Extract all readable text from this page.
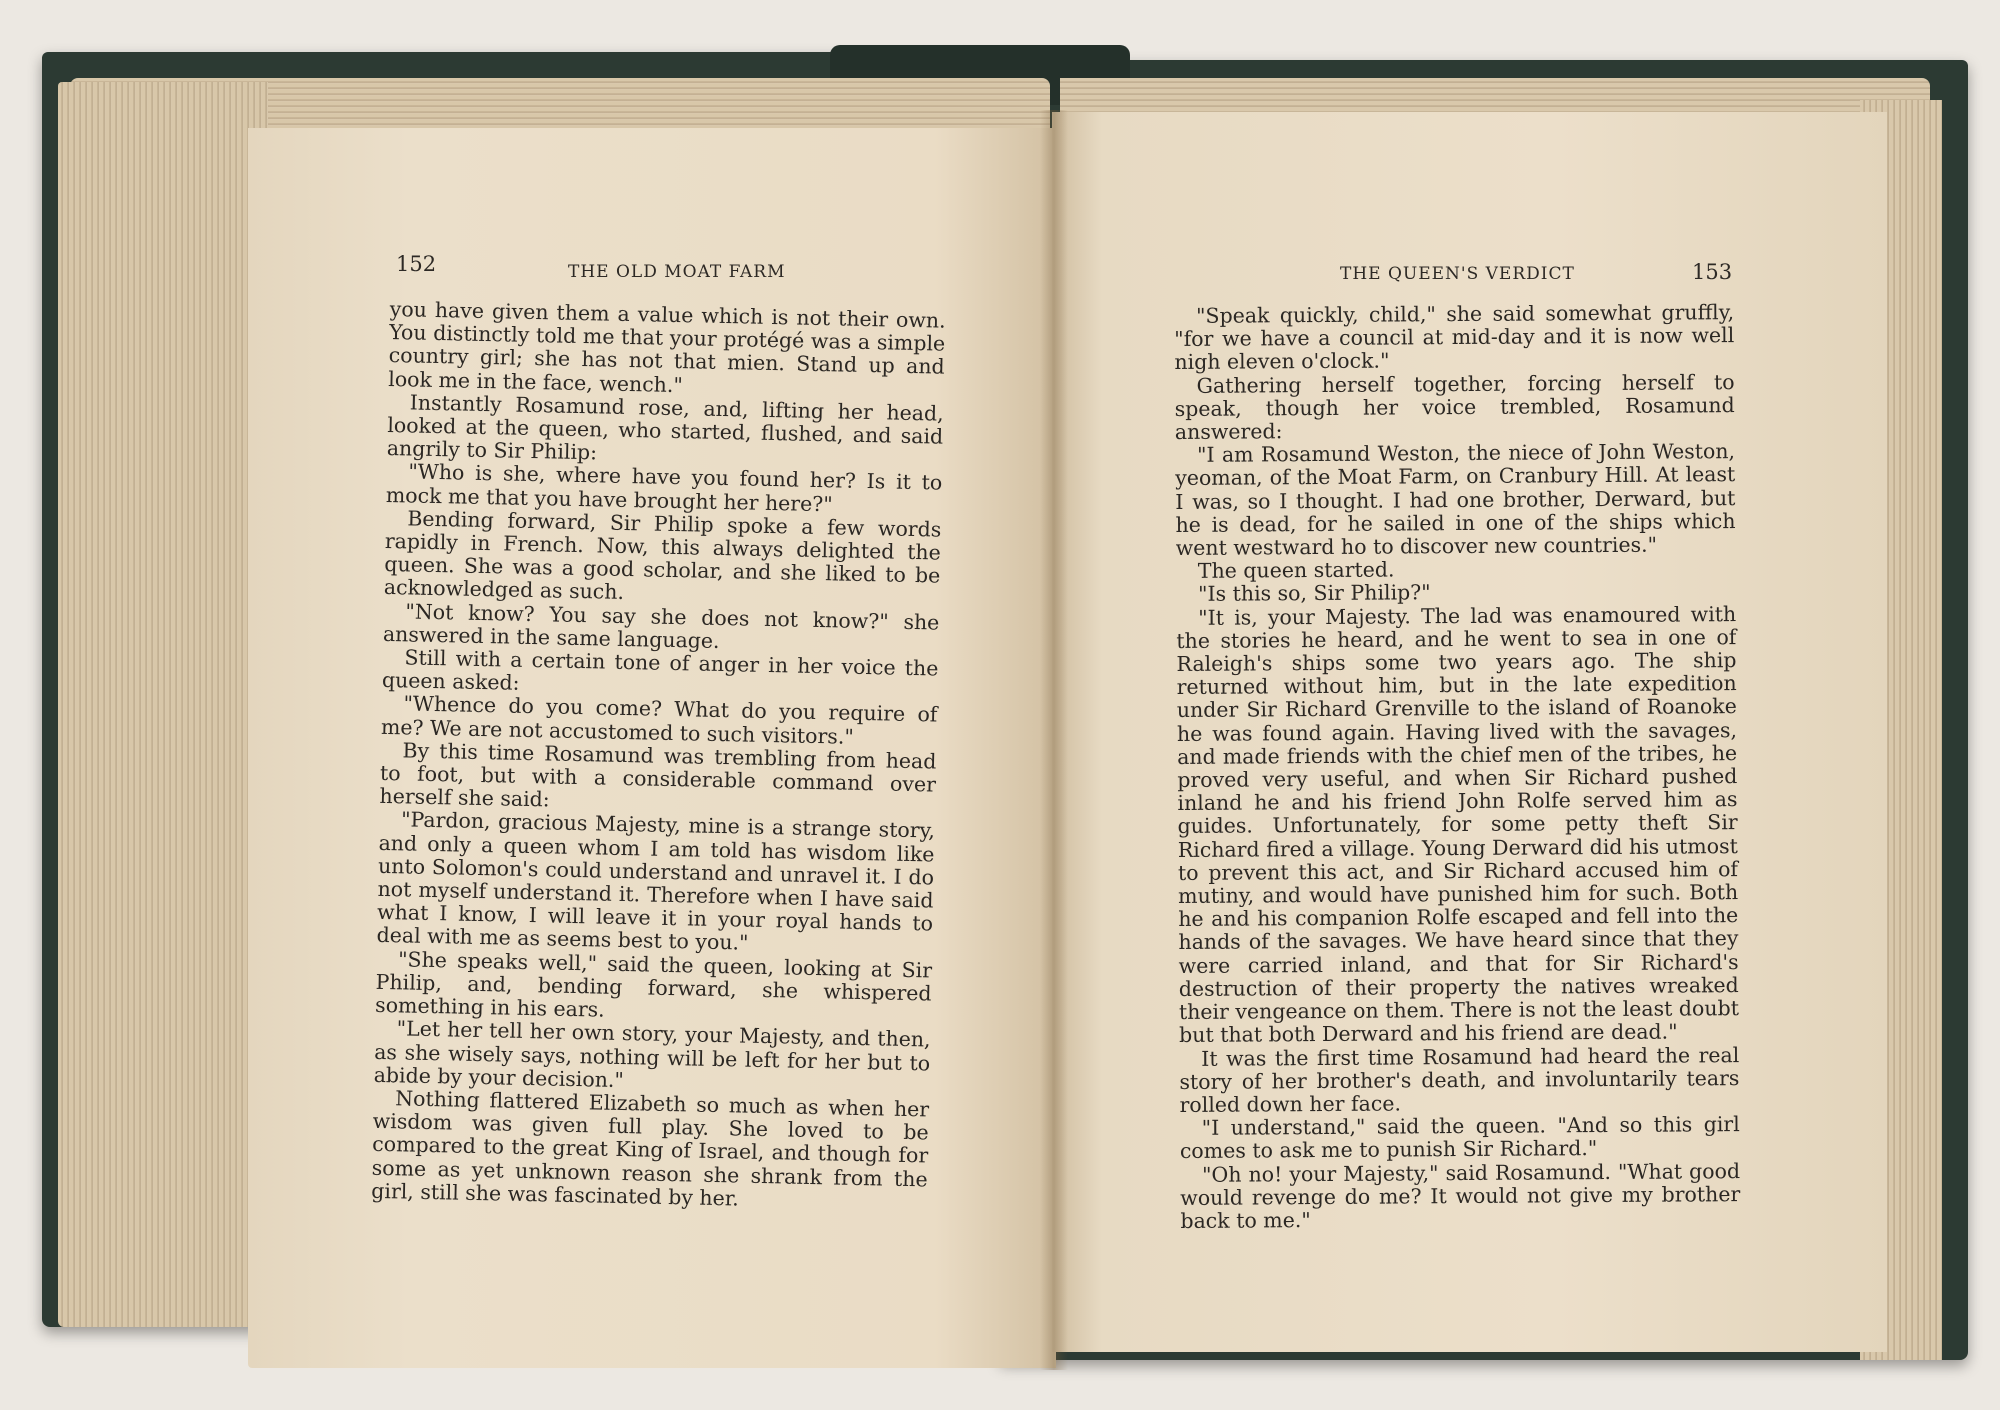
152	THE OLD MOAT FARM

you have given them a value which is not their own. You distinctly told me that your protégé was a simple country girl; she has not that mien. Stand up and look me in the face, wench."

Instantly Rosamund rose, and, lifting her head, looked at the queen, who started, flushed, and said angrily to Sir Philip:

"Who is she, where have you found her? Is it to mock me that you have brought her here?"

Bending forward, Sir Philip spoke a few words rapidly in French. Now, this always delighted the queen. She was a good scholar, and she liked to be acknowledged as such.

"Not know? You say she does not know?" she answered in the same language.

Still with a certain tone of anger in her voice the queen asked:

"Whence do you come? What do you require of me? We are not accustomed to such visitors."

By this time Rosamund was trembling from head to foot, but with a considerable command over herself she said:

"Pardon, gracious Majesty, mine is a strange story, and only a queen whom I am told has wisdom like unto Solomon's could understand and unravel it. I do not myself understand it. Therefore when I have said what I know, I will leave it in your royal hands to deal with me as seems best to you."

"She speaks well," said the queen, looking at Sir Philip, and, bending forward, she whispered something in his ears.

"Let her tell her own story, your Majesty, and then, as she wisely says, nothing will be left for her but to abide by your decision."

Nothing flattered Elizabeth so much as when her wisdom was given full play. She loved to be compared to the great King of Israel, and though for some as yet unknown reason she shrank from the girl, still she was fascinated by her.

THE QUEEN'S VERDICT	153

"Speak quickly, child," she said somewhat gruffly, "for we have a council at mid-day and it is now well nigh eleven o'clock."

Gathering herself together, forcing herself to speak, though her voice trembled, Rosamund answered:

"I am Rosamund Weston, the niece of John Weston, yeoman, of the Moat Farm, on Cranbury Hill. At least I was, so I thought. I had one brother, Derward, but he is dead, for he sailed in one of the ships which went westward ho to discover new countries."

The queen started.

"Is this so, Sir Philip?"

"It is, your Majesty. The lad was enamoured with the stories he heard, and he went to sea in one of Raleigh's ships some two years ago. The ship returned without him, but in the late expedition under Sir Richard Grenville to the island of Roanoke he was found again. Having lived with the savages, and made friends with the chief men of the tribes, he proved very useful, and when Sir Richard pushed inland he and his friend John Rolfe served him as guides. Unfortunately, for some petty theft Sir Richard fired a village. Young Derward did his utmost to prevent this act, and Sir Richard accused him of mutiny, and would have punished him for such. Both he and his companion Rolfe escaped and fell into the hands of the savages. We have heard since that they were carried inland, and that for Sir Richard's destruction of their property the natives wreaked their vengeance on them. There is not the least doubt but that both Derward and his friend are dead."

It was the first time Rosamund had heard the real story of her brother's death, and involuntarily tears rolled down her face.

"I understand," said the queen. "And so this girl comes to ask me to punish Sir Richard."

"Oh no! your Majesty," said Rosamund. "What good would revenge do me? It would not give my brother back to me."
